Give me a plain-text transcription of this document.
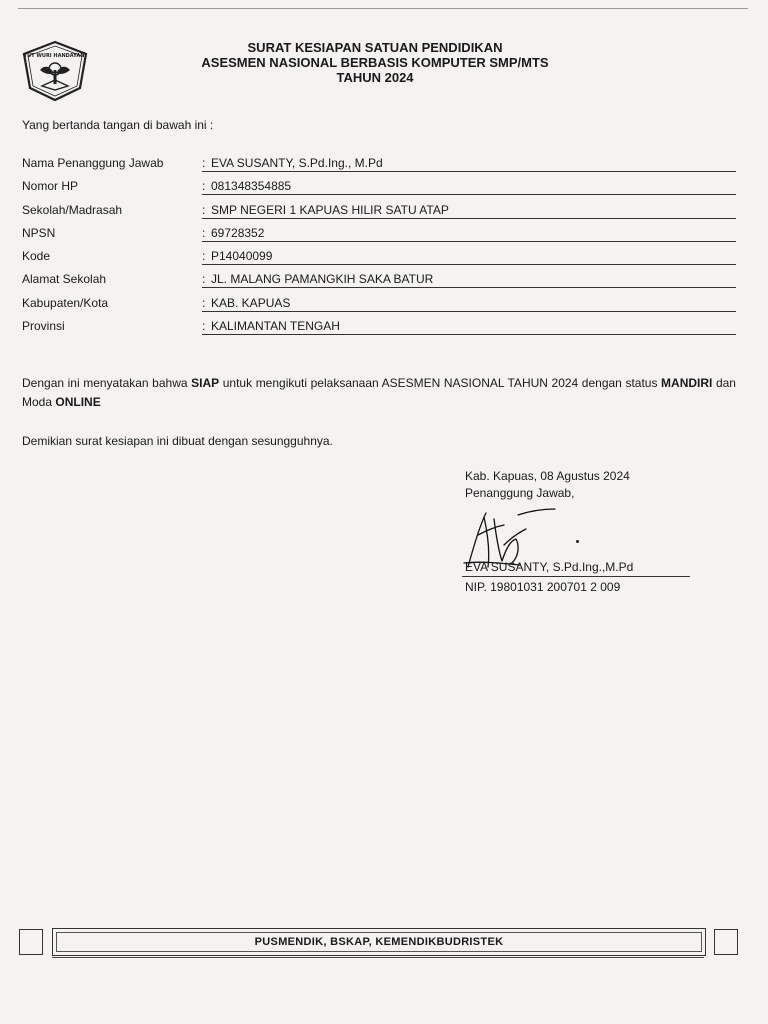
TUT WURI HANDAYANI
SURAT KESIAPAN SATUAN PENDIDIKAN
ASESMEN NASIONAL BERBASIS KOMPUTER SMP/MTS
TAHUN 2024
Yang bertanda tangan di bawah ini :
Nama Penanggung Jawab	: EVA SUSANTY, S.Pd.Ing., M.Pd
Nomor HP	: 081348354885
Sekolah/Madrasah	: SMP NEGERI 1 KAPUAS HILIR SATU ATAP
NPSN	: 69728352
Kode	: P14040099
Alamat Sekolah	: JL. MALANG PAMANGKIH SAKA BATUR
Kabupaten/Kota	: KAB. KAPUAS
Provinsi	: KALIMANTAN TENGAH
Dengan ini menyatakan bahwa SIAP untuk mengikuti pelaksanaan ASESMEN NASIONAL TAHUN 2024 dengan status MANDIRI dan Moda ONLINE
Demikian surat kesiapan ini dibuat dengan sesungguhnya.
Kab. Kapuas, 08 Agustus 2024
Penanggung Jawab,
EVA SUSANTY, S.Pd.Ing.,M.Pd
NIP. 19801031 200701 2 009
PUSMENDIK, BSKAP, KEMENDIKBUDRISTEK
